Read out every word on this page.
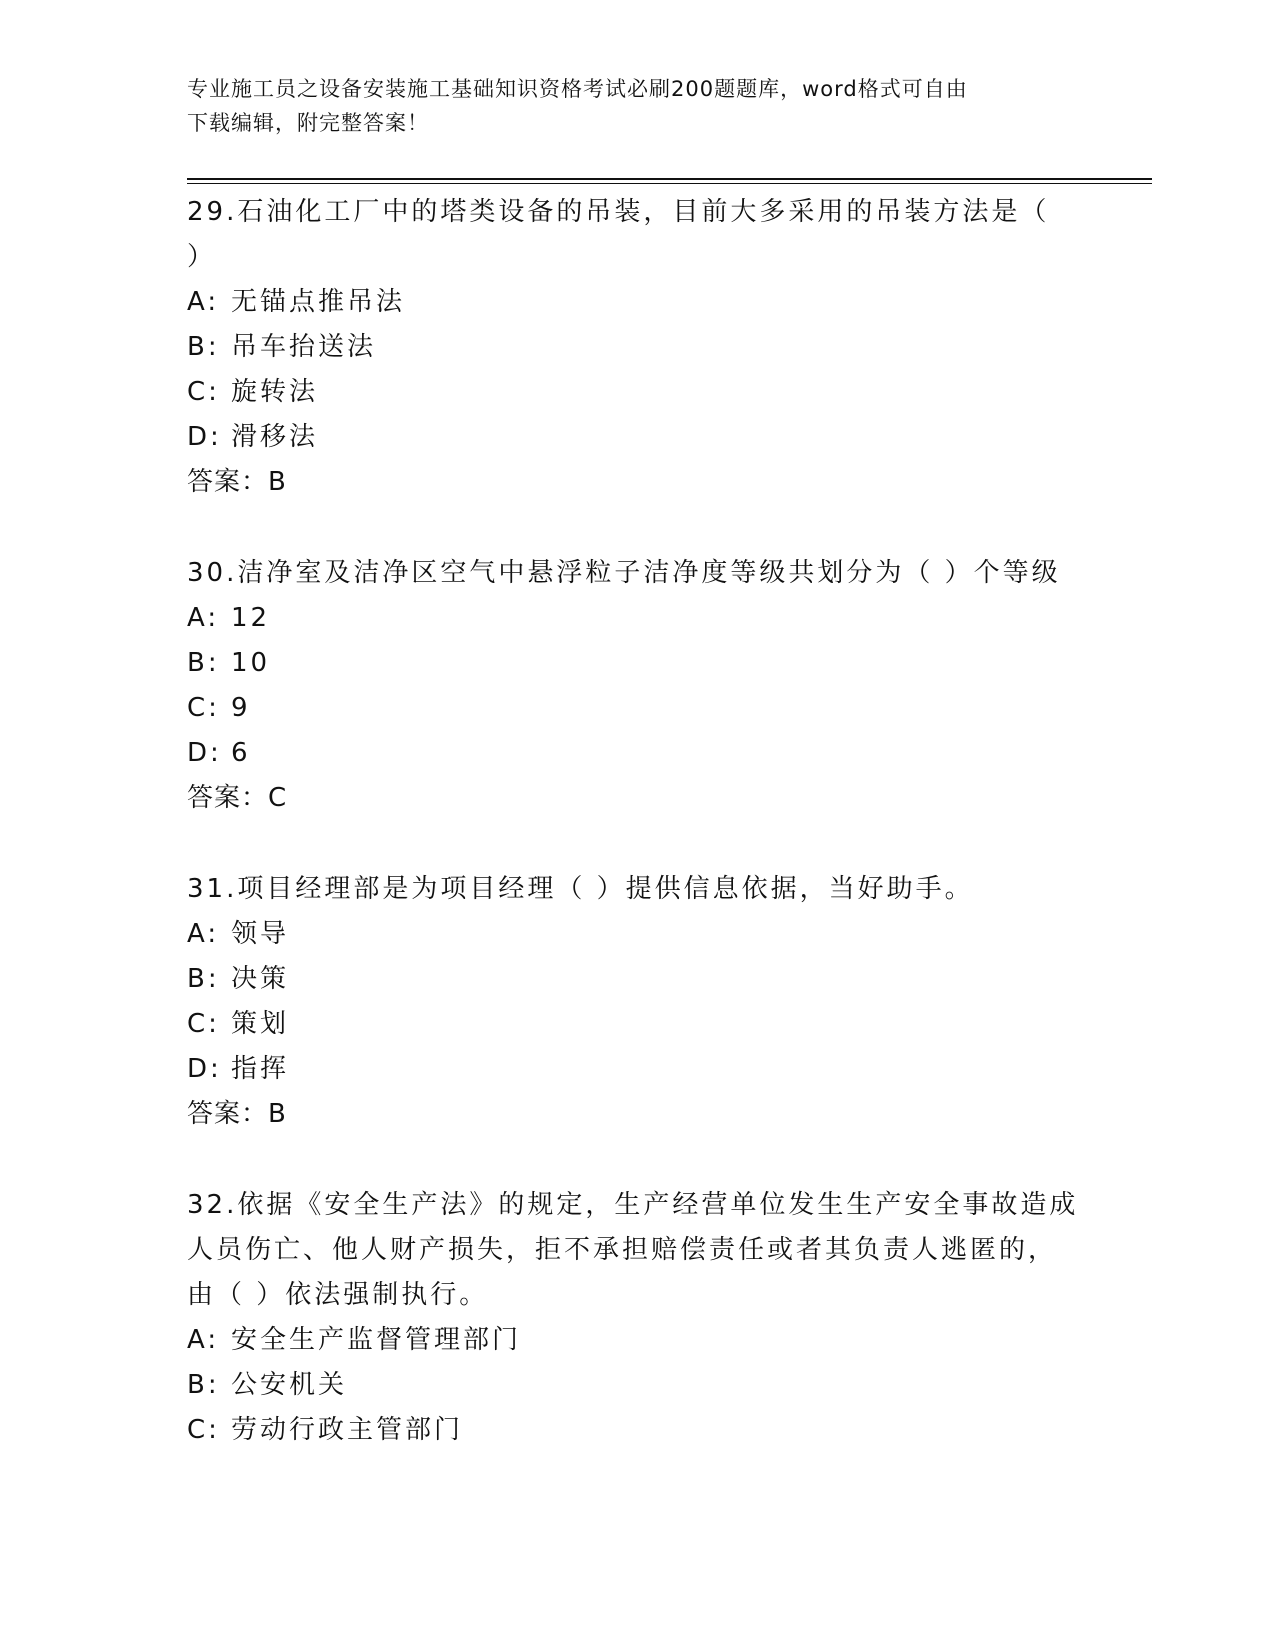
专业施工员之设备安装施工基础知识资格考试必刷200题题库，word格式可自由
下载编辑，附完整答案！
29.石油化工厂中的塔类设备的吊装，目前大多采用的吊装方法是（
）
A: 无锚点推吊法
B: 吊车抬送法
C: 旋转法
D: 滑移法
答案：B
30.洁净室及洁净区空气中悬浮粒子洁净度等级共划分为（ ）个等级
A: 12
B: 10
C: 9
D: 6
答案：C
31.项目经理部是为项目经理（ ）提供信息依据，当好助手。
A: 领导
B: 决策
C: 策划
D: 指挥
答案：B
32.依据《安全生产法》的规定，生产经营单位发生生产安全事故造成
人员伤亡、他人财产损失，拒不承担赔偿责任或者其负责人逃匿的，
由（ ）依法强制执行。
A: 安全生产监督管理部门
B: 公安机关
C: 劳动行政主管部门
